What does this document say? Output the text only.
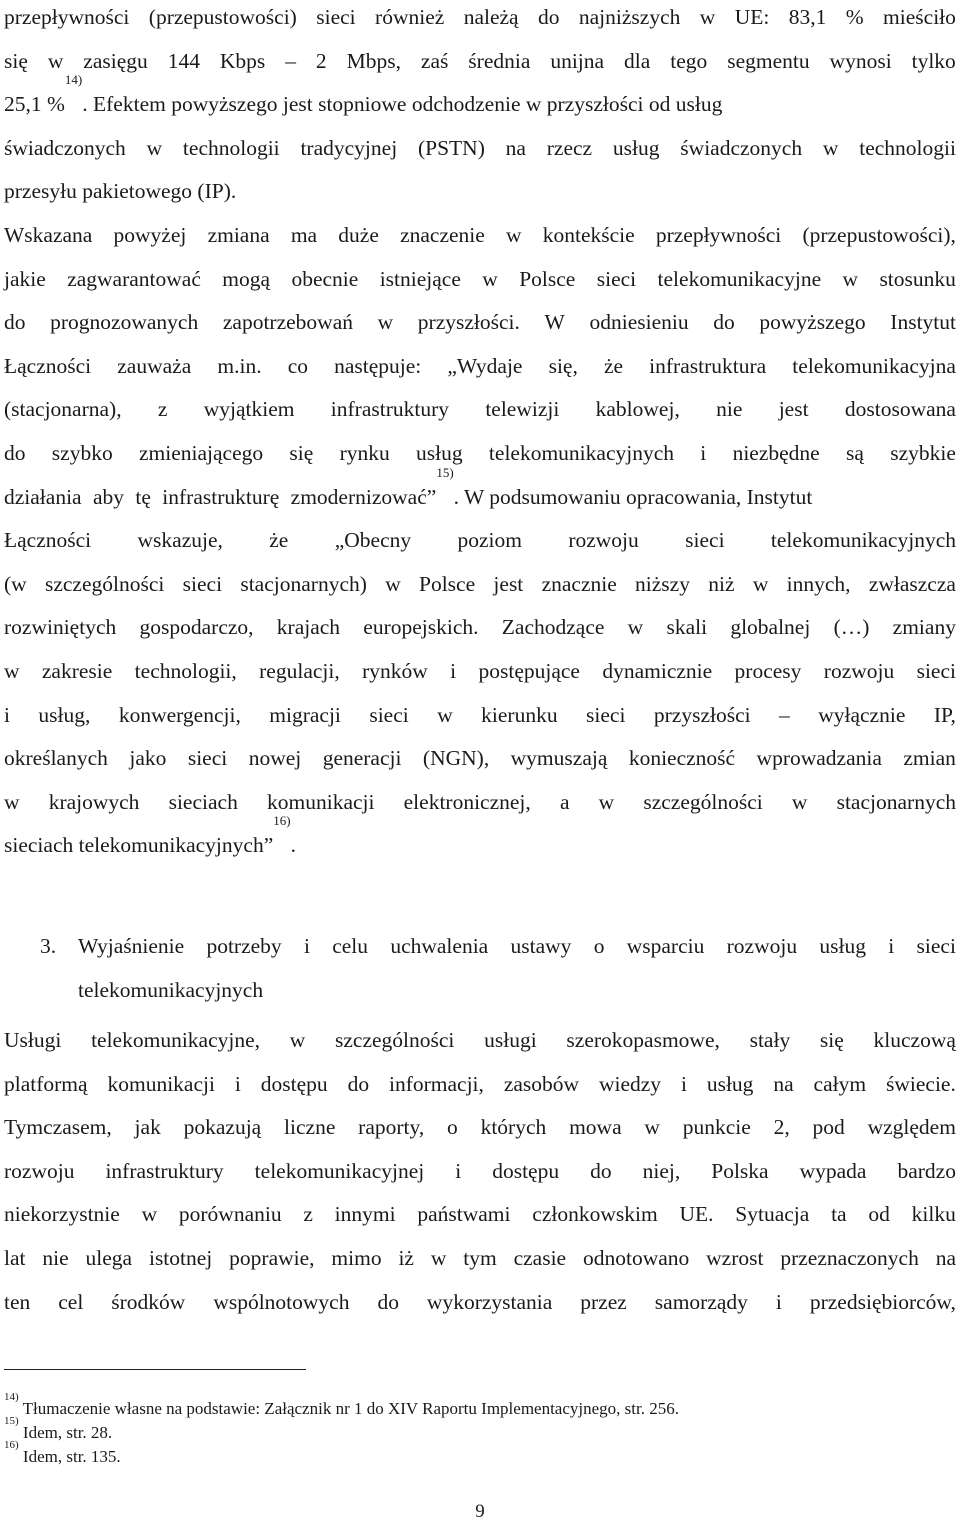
przepływności (przepustowości) sieci również należą do najniższych w UE: 83,1 % mieściło
się w zasięgu 144 Kbps – 2 Mbps, zaś średnia unijna dla tego segmentu wynosi tylko
25,1 %$^{14)}$. Efektem powyższego jest stopniowe odchodzenie w przyszłości od usług
świadczonych w technologii tradycyjnej (PSTN) na rzecz usług świadczonych w technologii
przesyłu pakietowego (IP).
Wskazana powyżej zmiana ma duże znaczenie w kontekście przepływności (przepustowości),
jakie zagwarantować mogą obecnie istniejące w Polsce sieci telekomunikacyjne w stosunku
do prognozowanych zapotrzebowań w przyszłości. W odniesieniu do powyższego Instytut
Łączności zauważa m.in. co następuje: „Wydaje się, że infrastruktura telekomunikacyjna
(stacjonarna), z wyjątkiem infrastruktury telewizji kablowej, nie jest dostosowana
do szybko zmieniającego się rynku usług telekomunikacyjnych i niezbędne są szybkie
działania aby tę infrastrukturę zmodernizować”
$^{15)}$
. W podsumowaniu opracowania, Instytut
Łączności wskazuje, że „Obecny poziom rozwoju sieci telekomunikacyjnych
(w szczególności sieci stacjonarnych) w Polsce jest znacznie niższy niż w innych, zwłaszcza
rozwiniętych gospodarczo, krajach europejskich. Zachodzące w skali globalnej (…) zmiany
w zakresie technologii, regulacji, rynków i postępujące dynamicznie procesy rozwoju sieci
i usług, konwergencji, migracji sieci w kierunku sieci przyszłości – wyłącznie IP,
określanych jako sieci nowej generacji (NGN), wymuszają konieczność wprowadzania zmian
w krajowych sieciach komunikacji elektronicznej, a w szczególności w stacjonarnych
sieciach telekomunikacyjnych”$^{16)}$.
3.	Wyjaśnienie potrzeby i celu uchwalenia ustawy o wsparciu rozwoju usług i sieci
telekomunikacyjnych
Usługi telekomunikacyjne, w szczególności usługi szerokopasmowe, stały się kluczową
platformą komunikacji i dostępu do informacji, zasobów wiedzy i usług na całym świecie.
Tymczasem, jak pokazują liczne raporty, o których mowa w punkcie 2, pod względem
rozwoju infrastruktury telekomunikacyjnej i dostępu do niej, Polska wypada bardzo
niekorzystnie w porównaniu z innymi państwami członkowskim UE. Sytuacja ta od kilku
lat nie ulega istotnej poprawie, mimo iż w tym czasie odnotowano wzrost przeznaczonych na
ten cel środków wspólnotowych do wykorzystania przez samorządy i przedsiębiorców,
$^{14)}$ Tłumaczenie własne na podstawie: Załącznik nr 1 do XIV Raportu Implementacyjnego, str. 256.
$^{15)}$ Idem, str. 28.
$^{16)}$ Idem, str. 135.
9
